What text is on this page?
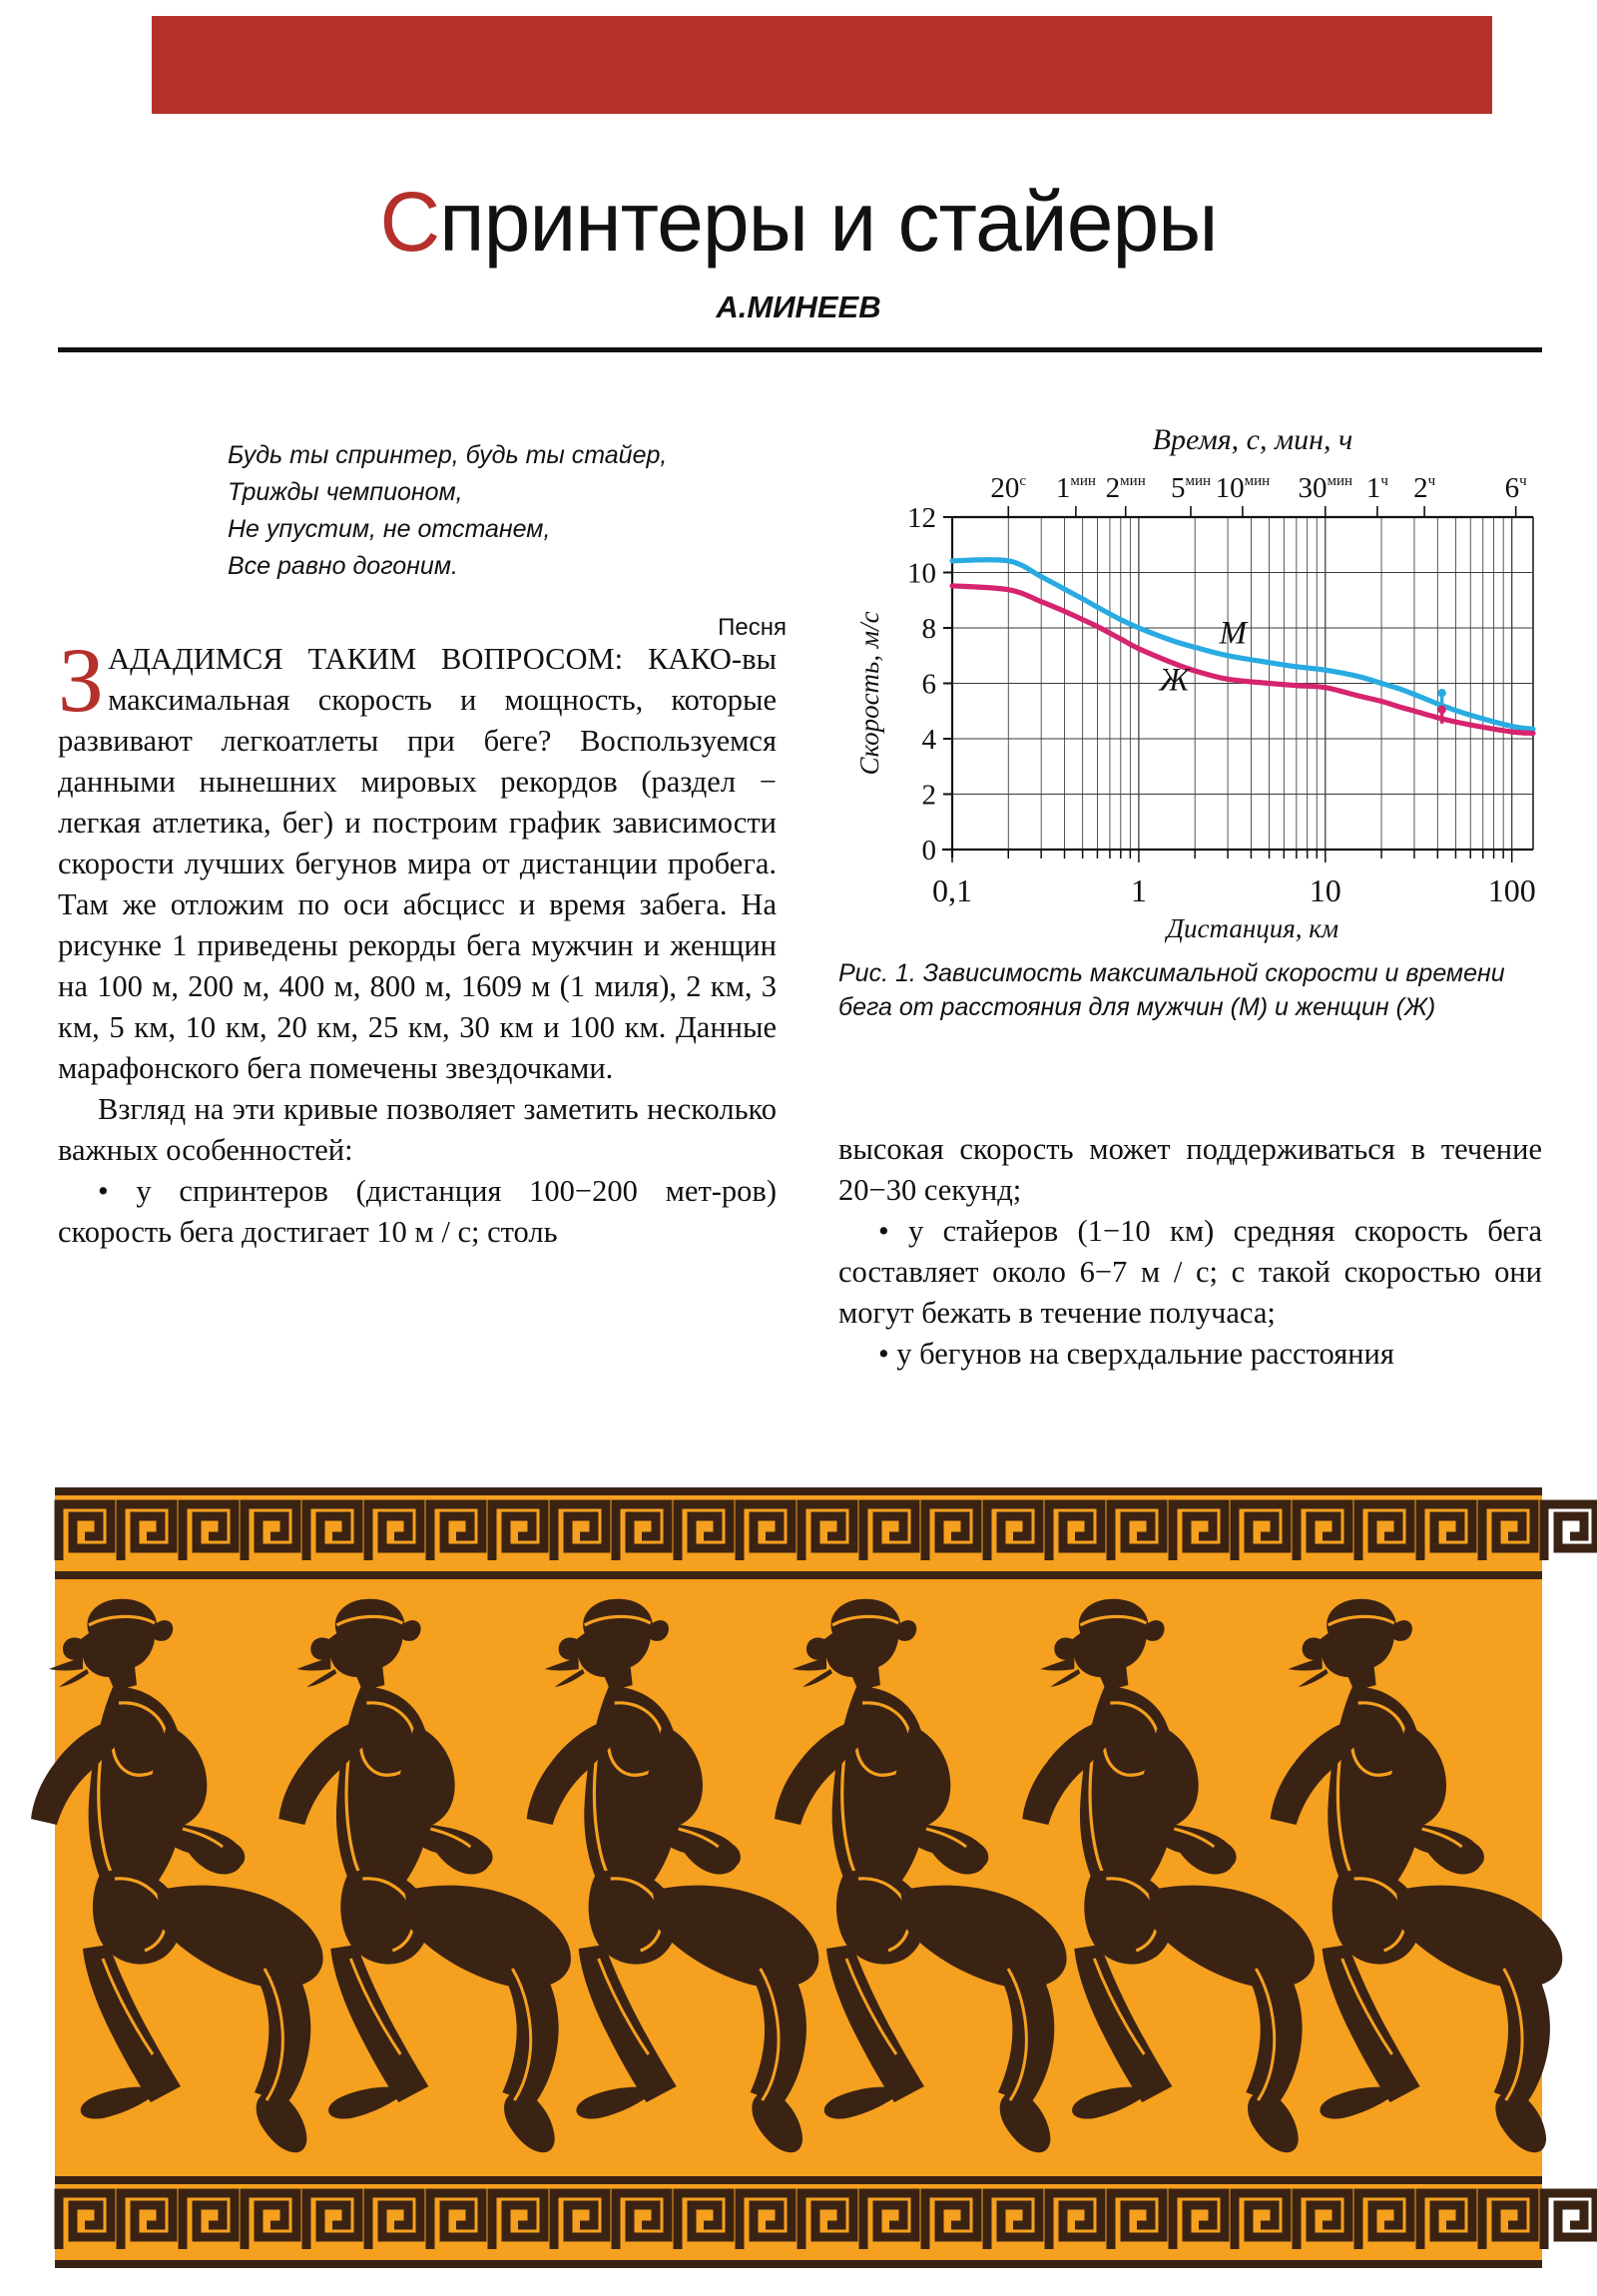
Спринтеры и стайеры
А.МИНЕЕВ
Будь ты спринтер, будь ты стайер,
Трижды чемпионом,
Не упустим, не отстанем,
Все равно догоним.
Песня

ЗАДАДИМСЯ ТАКИМ ВОПРОСОМ: КАКО-вы максимальная скорость и мощность, которые развивают легкоатлеты при беге? Воспользуемся данными нынешних мировых рекордов (раздел − легкая атлетика, бег) и построим график зависимости скорости лучших бегунов мира от дистанции пробега. Там же отложим по оси абсцисс и время забега. На рисунке 1 приведены рекорды бега мужчин и женщин на 100 м, 200 м, 400 м, 800 м, 1609 м (1 миля), 2 км, 3 км, 5 км, 10 км, 20 км, 25 км, 30 км и 100 км. Данные марафонского бега помечены звездочками.

Взгляд на эти кривые позволяет заметить несколько важных особенностей:

• у спринтеров (дистанция 100−200 мет-ров) скорость бега достигает 10 м / с; столь

0
2
4
6
8
10
12
Скорость, м/с
0,1	1	10	100
Дистанция, км
Время, с, мин, ч
$20^с$ $1^{мин}$ $2^{мин}$ $5^{мин}$ $10^{мин}$ $30^{мин}$ $1^ч$ $2^ч$ $6^ч$
M
Ж
Рис. 1. Зависимость максимальной скорости и времени бега от расстояния для мужчин (М) и женщин (Ж)

высокая скорость может поддерживаться в течение 20−30 секунд;

• у стайеров (1−10 км) средняя скорость бега составляет около 6−7 м / с; с такой скоростью они могут бежать в течение получаса;

• у бегунов на сверхдальние расстояния
